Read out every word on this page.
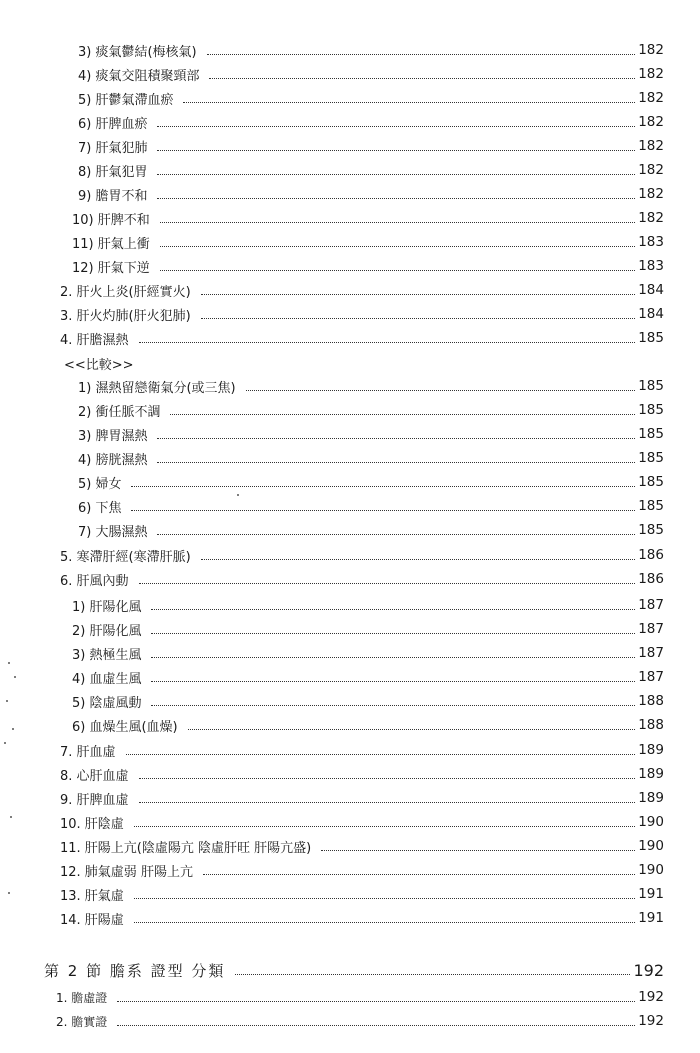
3) 痰氣鬱結(梅核氣)	182
4) 痰氣交阻積聚頸部	182
5) 肝鬱氣滯血瘀	182
6) 肝脾血瘀	182
7) 肝氣犯肺	182
8) 肝氣犯胃	182
9) 膽胃不和	182
10) 肝脾不和	182
11) 肝氣上衝	183
12) 肝氣下逆	183
2. 肝火上炎(肝經實火)	184
3. 肝火灼肺(肝火犯肺)	184
4. 肝膽濕熱	185
<<比較>>
1) 濕熱留戀衛氣分(或三焦)	185
2) 衝任脈不調	185
3) 脾胃濕熱	185
4) 膀胱濕熱	185
5) 婦女	185
6) 下焦	185
7) 大腸濕熱	185
5. 寒滯肝經(寒滯肝脈)	186
6. 肝風內動	186
1) 肝陽化風	187
2) 肝陽化風	187
3) 熱極生風	187
4) 血虛生風	187
5) 陰虛風動	188
6) 血燥生風(血燥)	188
7. 肝血虛	189
8. 心肝血虛	189
9. 肝脾血虛	189
10. 肝陰虛	190
11. 肝陽上亢(陰虛陽亢 陰虛肝旺 肝陽亢盛)	190
12. 肺氣虛弱 肝陽上亢	190
13. 肝氣虛	191
14. 肝陽虛	191
第 2 節 膽系 證型 分類	192
1. 膽虛證	192
2. 膽實證	192
